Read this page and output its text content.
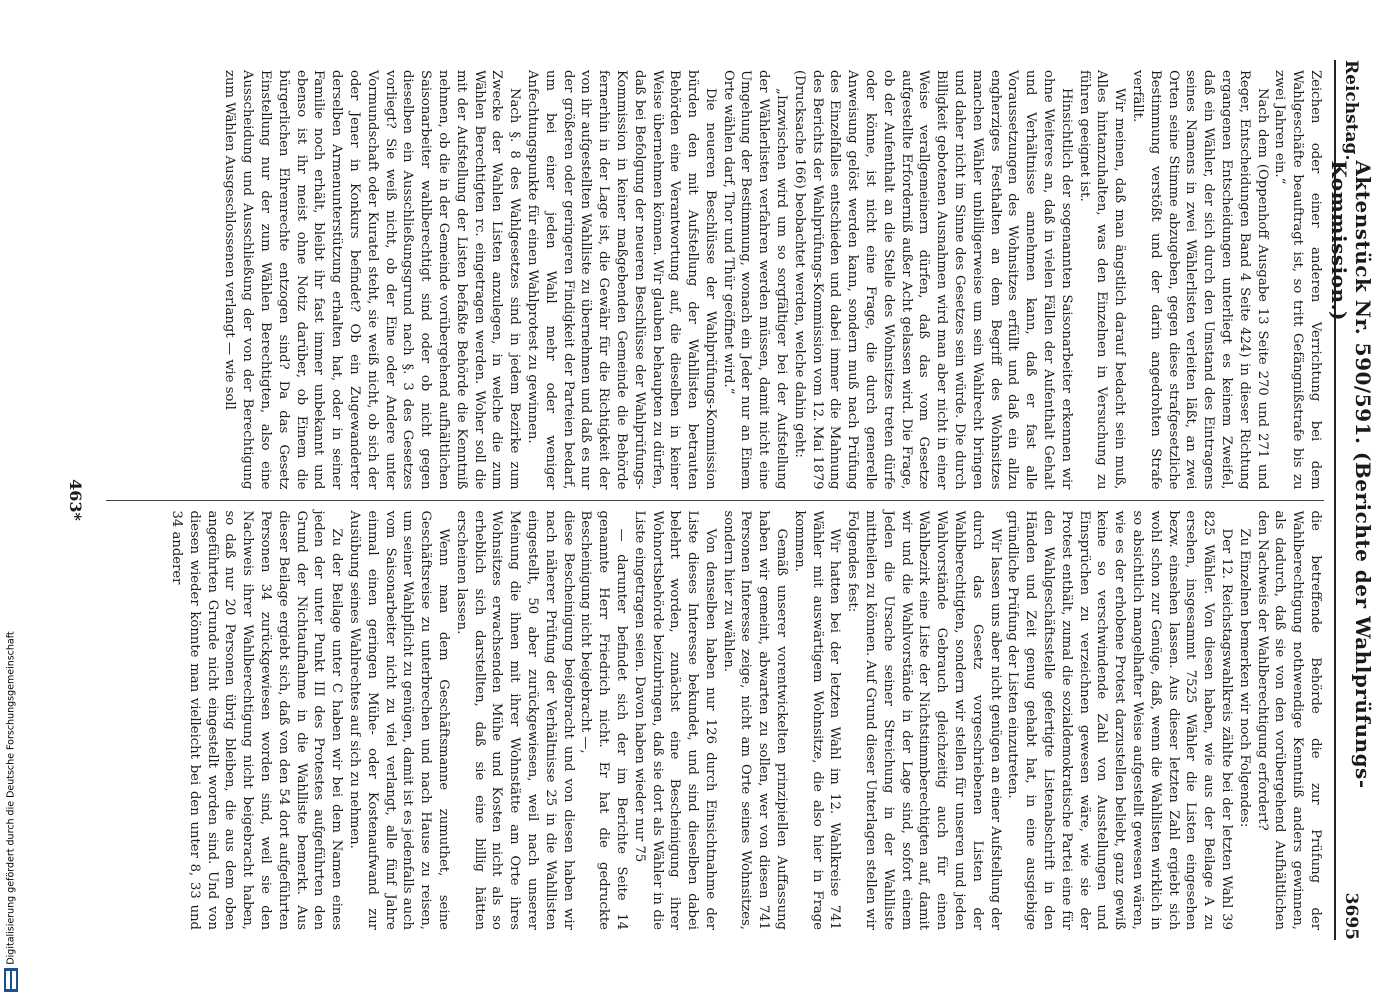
Digitalisierung gefördert durch die Deutsche Forschungsgemeinschaft
Reichstag.
Aktenstück Nr. 590/591. (Berichte der Wahlprüfungs-Kommission.)
3695

Zeichen oder einer anderen Verrichtung bei dem Wahlgeschäfte beauftragt ist, so tritt Gefängnißstrafe bis zu zwei Jahren ein.“

Nach dem (Oppenhoff Ausgabe 13 Seite 270 und 271 und Reger, Entscheidungen Band 4 Seite 424) in dieser Richtung ergangenen Entscheidungen unterliegt es keinem Zweifel, daß ein Wähler, der sich durch den Umstand des Eintragens seines Namens in zwei Wählerlisten verleiten läßt, an zwei Orten seine Stimme abzugeben, gegen diese strafgesetzliche Bestimmung verstößt und der darin angedrohten Strafe verfällt.

Wir meinen, daß man ängstlich darauf bedacht sein muß, Alles hintanzuhalten, was den Einzelnen in Versuchung zu führen geeignet ist.

Hinsichtlich der sogenannten Saisonarbeiter erkennen wir ohne Weiteres an, daß in vielen Fällen der Aufenthalt Gehalt und Verhältnisse annehmen kann, daß er fast alle Voraussetzungen des Wohnsitzes erfüllt und daß ein allzu engherziges Festhalten an dem Begriff des Wohnsitzes manchen Wähler unbilligerweise um sein Wahlrecht bringen und daher nicht im Sinne des Gesetzes sein würde. Die durch Billigkeit gebotenen Ausnahmen wird man aber nicht in einer Weise verallgemeinern dürfen, daß das vom Gesetze aufgestellte Erforderniß außer Acht gelassen wird. Die Frage, ob der Aufenthalt an die Stelle des Wohnsitzes treten dürfe oder könne, ist nicht eine Frage, die durch generelle Anweisung gelöst werden kann, sondern muß nach Prüfung des Einzelfalles entschieden und dabei immer die Mahnung des Berichts der Wahlprüfungs-Kommission vom 12. Mai 1879 (Drucksache 166) beobachtet werden, welche dahin geht:

„Inzwischen wird um so sorgfältiger bei der Aufstellung der Wählerlisten verfahren werden müssen, damit nicht eine Umgehung der Bestimmung, wonach ein Jeder nur an Einem Orte wählen darf, Thor und Thür geöffnet wird.“

Die neueren Beschlüsse der Wahlprüfungs-Kommission bürden den mit Aufstellung der Wahllisten betrauten Behörden eine Verantwortung auf, die dieselben in keiner Weise übernehmen können. Wir glauben behaupten zu dürfen, daß bei Befolgung der neueren Beschlüsse der Wahlprüfungs-Kommission in keiner maßgebenden Gemeinde die Behörde fernerhin in der Lage ist, die Gewähr für die Richtigkeit der von ihr aufgestellten Wahlliste zu übernehmen und daß es nur der größeren oder geringeren Findigkeit der Parteien bedarf, um bei einer jeden Wahl mehr oder weniger Anfechtungspunkte für einen Wahlprotest zu gewinnen.

Nach §. 8 des Wahlgesetzes sind in jedem Bezirke zum Zwecke der Wahlen Listen anzulegen, in welche die zum Wählen Berechtigten rc. eingetragen werden. Woher soll die mit der Aufstellung der Listen befaßte Behörde die Kenntniß nehmen, ob die in der Gemeinde vorübergehend aufhältlichen Saisonarbeiter wahlberechtigt sind oder ob nicht gegen dieselben ein Ausschließungsgrund nach §. 3 des Gesetzes vorliegt? Sie weiß nicht, ob der Eine oder Andere unter Vormundschaft oder Kuratel steht, sie weiß nicht, ob sich der oder Jener in Konkurs befindet? Ob ein Zugewanderter derselben Armenunterstützung erhalten hat, oder in seiner Familie noch erhält, bleibt ihr fast immer unbekannt und ebenso ist ihr meist ohne Notiz darüber, ob Einem die bürgerlichen Ehrenrechte entzogen sind? Da das Gesetz Einstellung nur der zum Wählen Berechtigten, also eine Ausscheidung und Ausschließung der von der Berechtigung zum Wählen Ausgeschlossenen verlangt — wie soll

die betreffende Behörde die zur Prüfung der Wahlberechtigung nothwendige Kenntniß anders gewinnen, als dadurch, daß sie von den vorübergehend Aufhältlichen den Nachweis der Wahlberechtigung erfordert?

Zu Einzelnen bemerken wir noch Folgendes:

Der 12. Reichstagswahlkreis zählte bei der letzten Wahl 39 825 Wähler. Von diesen haben, wie aus der Beilage A zu ersehen, insgesammt 7525 Wähler die Listen eingesehen bezw. einsehen lassen. Aus dieser letzten Zahl ergiebt sich wohl schon zur Genüge, daß, wenn die Wahllisten wirklich in so absichtlich mangelhafter Weise aufgestellt gewesen wären, wie es der erhobene Protest darzustellen beliebt, ganz gewiß keine so verschwindende Zahl von Ausstellungen und Einsprüchen zu verzeichnen gewesen wäre, wie sie der Protest enthält, zumal die sozialdemokratische Partei eine für den Wahlgeschäftsstelle gefertigte Listenabschrift in den Händen und Zeit genug gehabt hat, in eine ausgiebige gründliche Prüfung der Listen einzutreten.

Wir lassen uns aber nicht genügen an einer Aufstellung der durch das Gesetz vorgeschriebenen Listen der Wahlberechtigten, sondern wir stellen für unseren und jeden Wahlvorstände Gebrauch gleichzeitig auch für einen Wahlbezirk eine Liste der Nichtstimmberechtigten auf, damit wir und die Wahlvorstände in der Lage sind, sofort einem Jeden die Ursache seiner Streichung in der Wahlliste mittheilen zu können. Auf Grund dieser Unterlagen stellen wir Folgendes fest:

Wir hatten bei der letzten Wahl im 12. Wahlkreise 741 Wähler mit auswärtigem Wohnsitze, die also hier in Frage kommen.

Gemäß unserer vorentwickelten prinzipiellen Auffassung haben wir gemeint, abwarten zu sollen, wer von diesen 741 Personen Interesse zeige, nicht am Orte seines Wohnsitzes, sondern hier zu wählen.

Von denselben haben nur 126 durch Einsichtnahme der Liste dieses Interesse bekundet, und sind dieselben dabei belehrt worden, zunächst eine Bescheinigung ihrer Wohnortsbehörde beizubringen, daß sie dort als Wähler in die Liste eingetragen seien. Davon haben wieder nur 75

— darunter befindet sich der im Berichte Seite 14 genannte Herr Friedrich nicht. Er hat die gedruckte Bescheinigung nicht beigebracht —,

diese Bescheinigung beigebracht und von diesen haben wir nach näherer Prüfung der Verhältnisse 25 in die Wahllisten eingestellt, 50 aber zurückgewiesen, weil nach unserer Meinung die ihnen mit ihrer Wohnstätte am Orte ihres Wohnsitzes erwachsenden Mühe und Kosten nicht als so erheblich sich darstellten, daß sie eine billig hätten erscheinen lassen.

Wenn man dem Geschäftsmanne zumuthet, seine Geschäftsreise zu unterbrechen und nach Hause zu reisen, um seiner Wahlpflicht zu genügen, damit ist es jedenfalls auch vom Saisonarbeiter nicht zu viel verlangt, alle fünf Jahre einmal einen geringen Mühe- oder Kostenaufwand zur Ausübung seines Wahlrechtes auf sich zu nehmen.

Zu der Beilage unter C haben wir bei dem Namen eines jeden der unter Punkt III des Protestes aufgeführten den Grund der Nichtaufnahme in die Wahlliste bemerkt. Aus dieser Beilage ergiebt sich, daß von den 54 dort aufgeführten Personen 34 zurückgewiesen worden sind, weil sie den Nachweis ihrer Wahlberechtigung nicht beigebracht haben, so daß nur 20 Personen übrig bleiben, die aus dem oben angeführten Grunde nicht eingestellt worden sind. Und von diesen wieder könnte man vielleicht bei den unter 8, 33 und 34 anderer

463*
